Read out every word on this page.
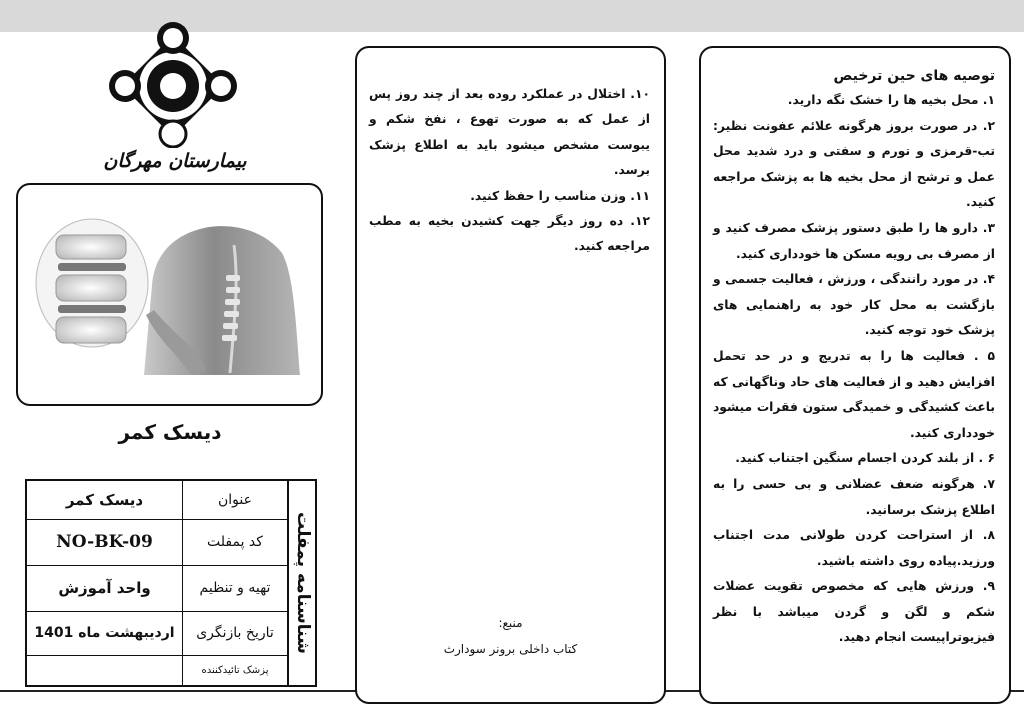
بیمارستان مهرگان
دیسک کمر
عنوان	دیسک کمر
کد پمفلت	NO-BK-09
تهیه و تنظیم	واحد آموزش
تاریخ بازنگری	اردیبهشت ماه 1401
پزشک تائیدکننده	
شناسنامه پمفلت

۱۰. اختلال در عملکرد روده بعد از چند روز پس از عمل که به صورت تهوع ، نفخ شکم و یبوست مشخص میشود باید به اطلاع پزشک برسد.

۱۱. وزن مناسب را حفظ کنید.

۱۲. ده روز دیگر جهت کشیدن بخیه به مطب مراجعه کنید.

منبع:
کتاب داخلی برونر سودارث
توصیه های حین ترخیص

۱. محل بخیه ها را خشک نگه دارید.

۲. در صورت بروز هرگونه علائم عفونت نظیر: تب-قرمزی و تورم و سفتی و درد شدید محل عمل و ترشح از محل بخیه ها به پزشک مراجعه کنید.

۳. دارو ها را طبق دستور پزشک مصرف کنید و از مصرف بی رویه مسکن ها خودداری کنید.

۴. در مورد رانندگی ، ورزش ، فعالیت جسمی و بازگشت به محل کار خود به راهنمایی های پزشک خود توجه کنید.

۵ . فعالیت ها را به تدریج و در حد تحمل افزایش دهید و از فعالیت های حاد وناگهانی که باعث کشیدگی و خمیدگی ستون فقرات میشود خودداری کنید.

۶ . از بلند کردن اجسام سنگین اجتناب کنید.

۷. هرگونه ضعف عضلانی و بی حسی را به اطلاع پزشک برسانید.

۸. از استراحت کردن طولانی مدت اجتناب ورزید.پیاده روی داشته باشید.

۹. ورزش هایی که مخصوص تقویت عضلات شکم و لگن و گردن میباشد با نظر فیزیوتراپیست انجام دهید.
